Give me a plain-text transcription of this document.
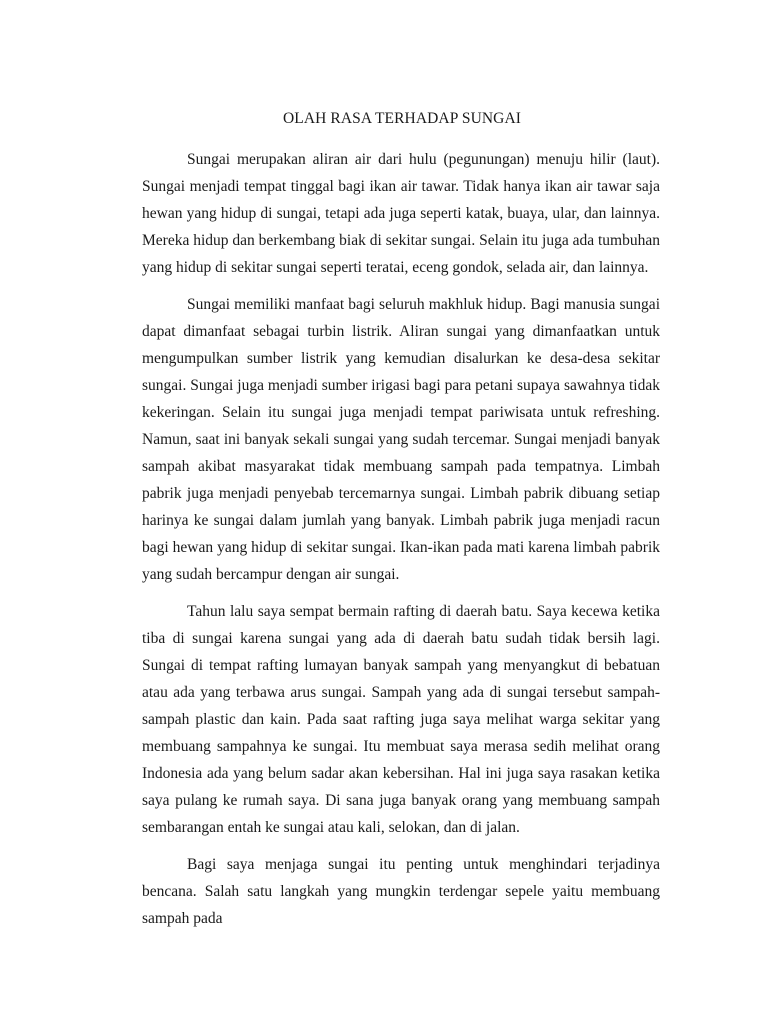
OLAH RASA TERHADAP SUNGAI

Sungai merupakan aliran air dari hulu (pegunungan) menuju hilir (laut). Sungai menjadi tempat tinggal bagi ikan air tawar. Tidak hanya ikan air tawar saja hewan yang hidup di sungai, tetapi ada juga seperti katak, buaya, ular, dan lainnya. Mereka hidup dan berkembang biak di sekitar sungai. Selain itu juga ada tumbuhan yang hidup di sekitar sungai seperti teratai, eceng gondok, selada air, dan lainnya.

Sungai memiliki manfaat bagi seluruh makhluk hidup. Bagi manusia sungai dapat dimanfaat sebagai turbin listrik. Aliran sungai yang dimanfaatkan untuk mengumpulkan sumber listrik yang kemudian disalurkan ke desa-desa sekitar sungai. Sungai juga menjadi sumber irigasi bagi para petani supaya sawahnya tidak kekeringan. Selain itu sungai juga menjadi tempat pariwisata untuk refreshing. Namun, saat ini banyak sekali sungai yang sudah tercemar. Sungai menjadi banyak sampah akibat masyarakat tidak membuang sampah pada tempatnya. Limbah pabrik juga menjadi penyebab tercemarnya sungai. Limbah pabrik dibuang setiap harinya ke sungai dalam jumlah yang banyak. Limbah pabrik juga menjadi racun bagi hewan yang hidup di sekitar sungai. Ikan-ikan pada mati karena limbah pabrik yang sudah bercampur dengan air sungai.

Tahun lalu saya sempat bermain rafting di daerah batu. Saya kecewa ketika tiba di sungai karena sungai yang ada di daerah batu sudah tidak bersih lagi. Sungai di tempat rafting lumayan banyak sampah yang menyangkut di bebatuan atau ada yang terbawa arus sungai. Sampah yang ada di sungai tersebut sampah-sampah plastic dan kain. Pada saat rafting juga saya melihat warga sekitar yang membuang sampahnya ke sungai. Itu membuat saya merasa sedih melihat orang Indonesia ada yang belum sadar akan kebersihan. Hal ini juga saya rasakan ketika saya pulang ke rumah saya. Di sana juga banyak orang yang membuang sampah sembarangan entah ke sungai atau kali, selokan, dan di jalan.

Bagi saya menjaga sungai itu penting untuk menghindari terjadinya bencana. Salah satu langkah yang mungkin terdengar sepele yaitu membuang sampah pada
